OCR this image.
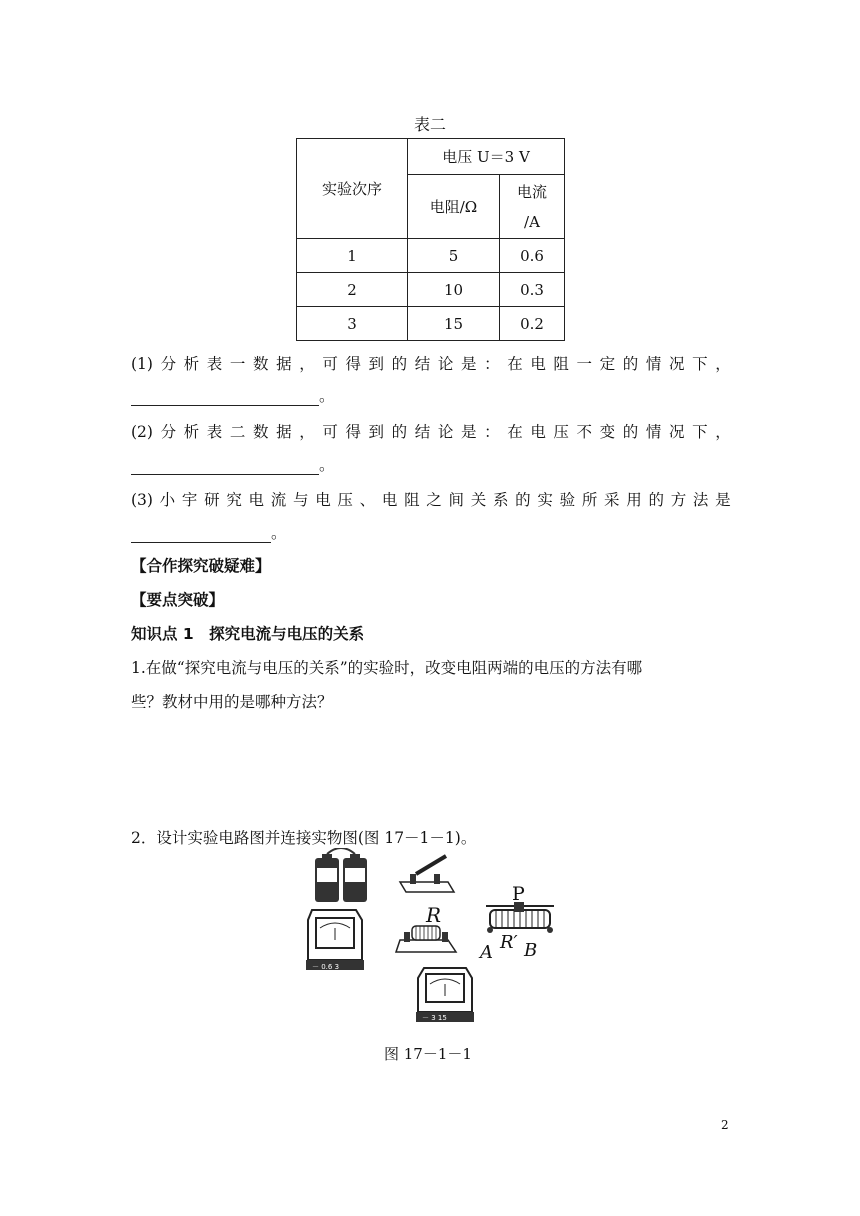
表二
实验次序	电压 U＝3 V	
	电阻/Ω	电流
/A

1	5	0.6
2	10	0.3
3	15	0.2
(1) 分 析 表 一 数 据 ， 可 得 到 的 结 论 是 ： 在 电 阻 一 定 的 情 况 下 ，
。
(2) 分 析 表 二 数 据 ， 可 得 到 的 结 论 是 ： 在 电 压 不 变 的 情 况 下 ，
。
(3) 小 宇 研 究 电 流 与 电 压 、 电 阻 之 间 关 系 的 实 验 所 采 用 的 方 法 是
。
【合作探究破疑难】
【要点突破】
知识点 1　探究电流与电压的关系
1.在做“探究电流与电压的关系”的实验时，改变电阻两端的电压的方法有哪
些？教材中用的是哪种方法？
2．设计实验电路图并连接实物图(图 17－1－1)。
－ 0.6 3
R
P
R′
A B
－ 3 15
图 17－1－1
2
